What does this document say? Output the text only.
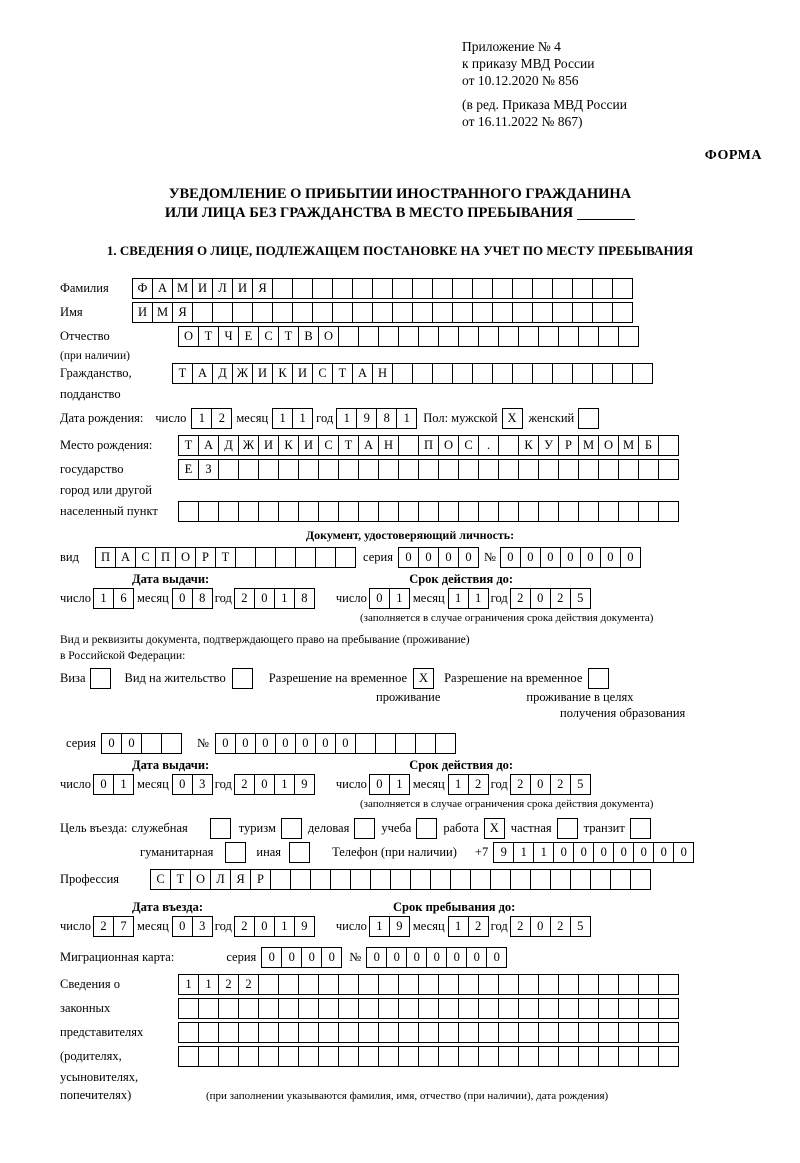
Приложение № 4
к приказу МВД России
от 10.12.2020 № 856
(в ред. Приказа МВД России
от 16.11.2022 № 867)
ФОРМА
УВЕДОМЛЕНИЕ О ПРИБЫТИИ ИНОСТРАННОГО ГРАЖДАНИНА
ИЛИ ЛИЦА БЕЗ ГРАЖДАНСТВА В МЕСТО ПРЕБЫВАНИЯ
1. СВЕДЕНИЯ О ЛИЦЕ, ПОДЛЕЖАЩЕМ ПОСТАНОВКЕ НА УЧЕТ ПО МЕСТУ ПРЕБЫВАНИЯ
Фамилия	Ф А М И Л И Я
Имя	И М Я
Отчество	О Т Ч Е С Т В О
(при наличии)
Гражданство,	Т А Д Ж И К И С Т А Н
подданство
Дата рождения: число 1	2 месяц 1	1 год 1	9	8	1	Пол: мужской X женский
Место рождения:	Т А Д Ж И К И С Т А Н	П О С	.	К У Р М О М Б
государство	Е	З
город или другой
населенный пункт
Документ, удостоверяющий личность:
вид	П А С П О Р	Т	серия 0	0	0	0 № 0	0	0	0	0	0	0
Дата выдачи:	Срок действия до:
число 1	6 месяц 0	8 год 2	0	1	8	число 0	1 месяц 1	1 год 2	0	2	5
(заполняется в случае ограничения срока действия документа)
Вид и реквизиты документа, подтверждающего право на пребывание (проживание)
в Российской Федерации:
Виза	Вид на жительство	Разрешение на временное X	Разрешение на временное
проживание	проживание в целях
получения образования
серия 0	0	№	0	0	0	0	0	0	0
Дата выдачи:	Срок действия до:
число 0	1 месяц 0	3 год 2	0	1	9	число 0	1 месяц 1	2 год 2	0	2	5
(заполняется в случае ограничения срока действия документа)
Цель въезда: служебная	туризм	деловая	учеба	работа X частная	транзит
гуманитарная	иная	Телефон (при наличии) +7 9	1	1	0	0	0	0	0	0	0
Профессия	С Т О Л Я Р
Дата въезда:	Срок пребывания до:
число 2	7 месяц 0	3 год 2	0	1	9	число 1	9 месяц 1	2 год 2	0	2	5
Миграционная карта:	серия 0	0	0	0	№ 0	0	0	0	0	0	0
Сведения о	1	1	2	2
законных
представителях
(родителях,
усыновителях,
попечителях)	(при заполнении указываются фамилия, имя, отчество (при наличии), дата рождения)
